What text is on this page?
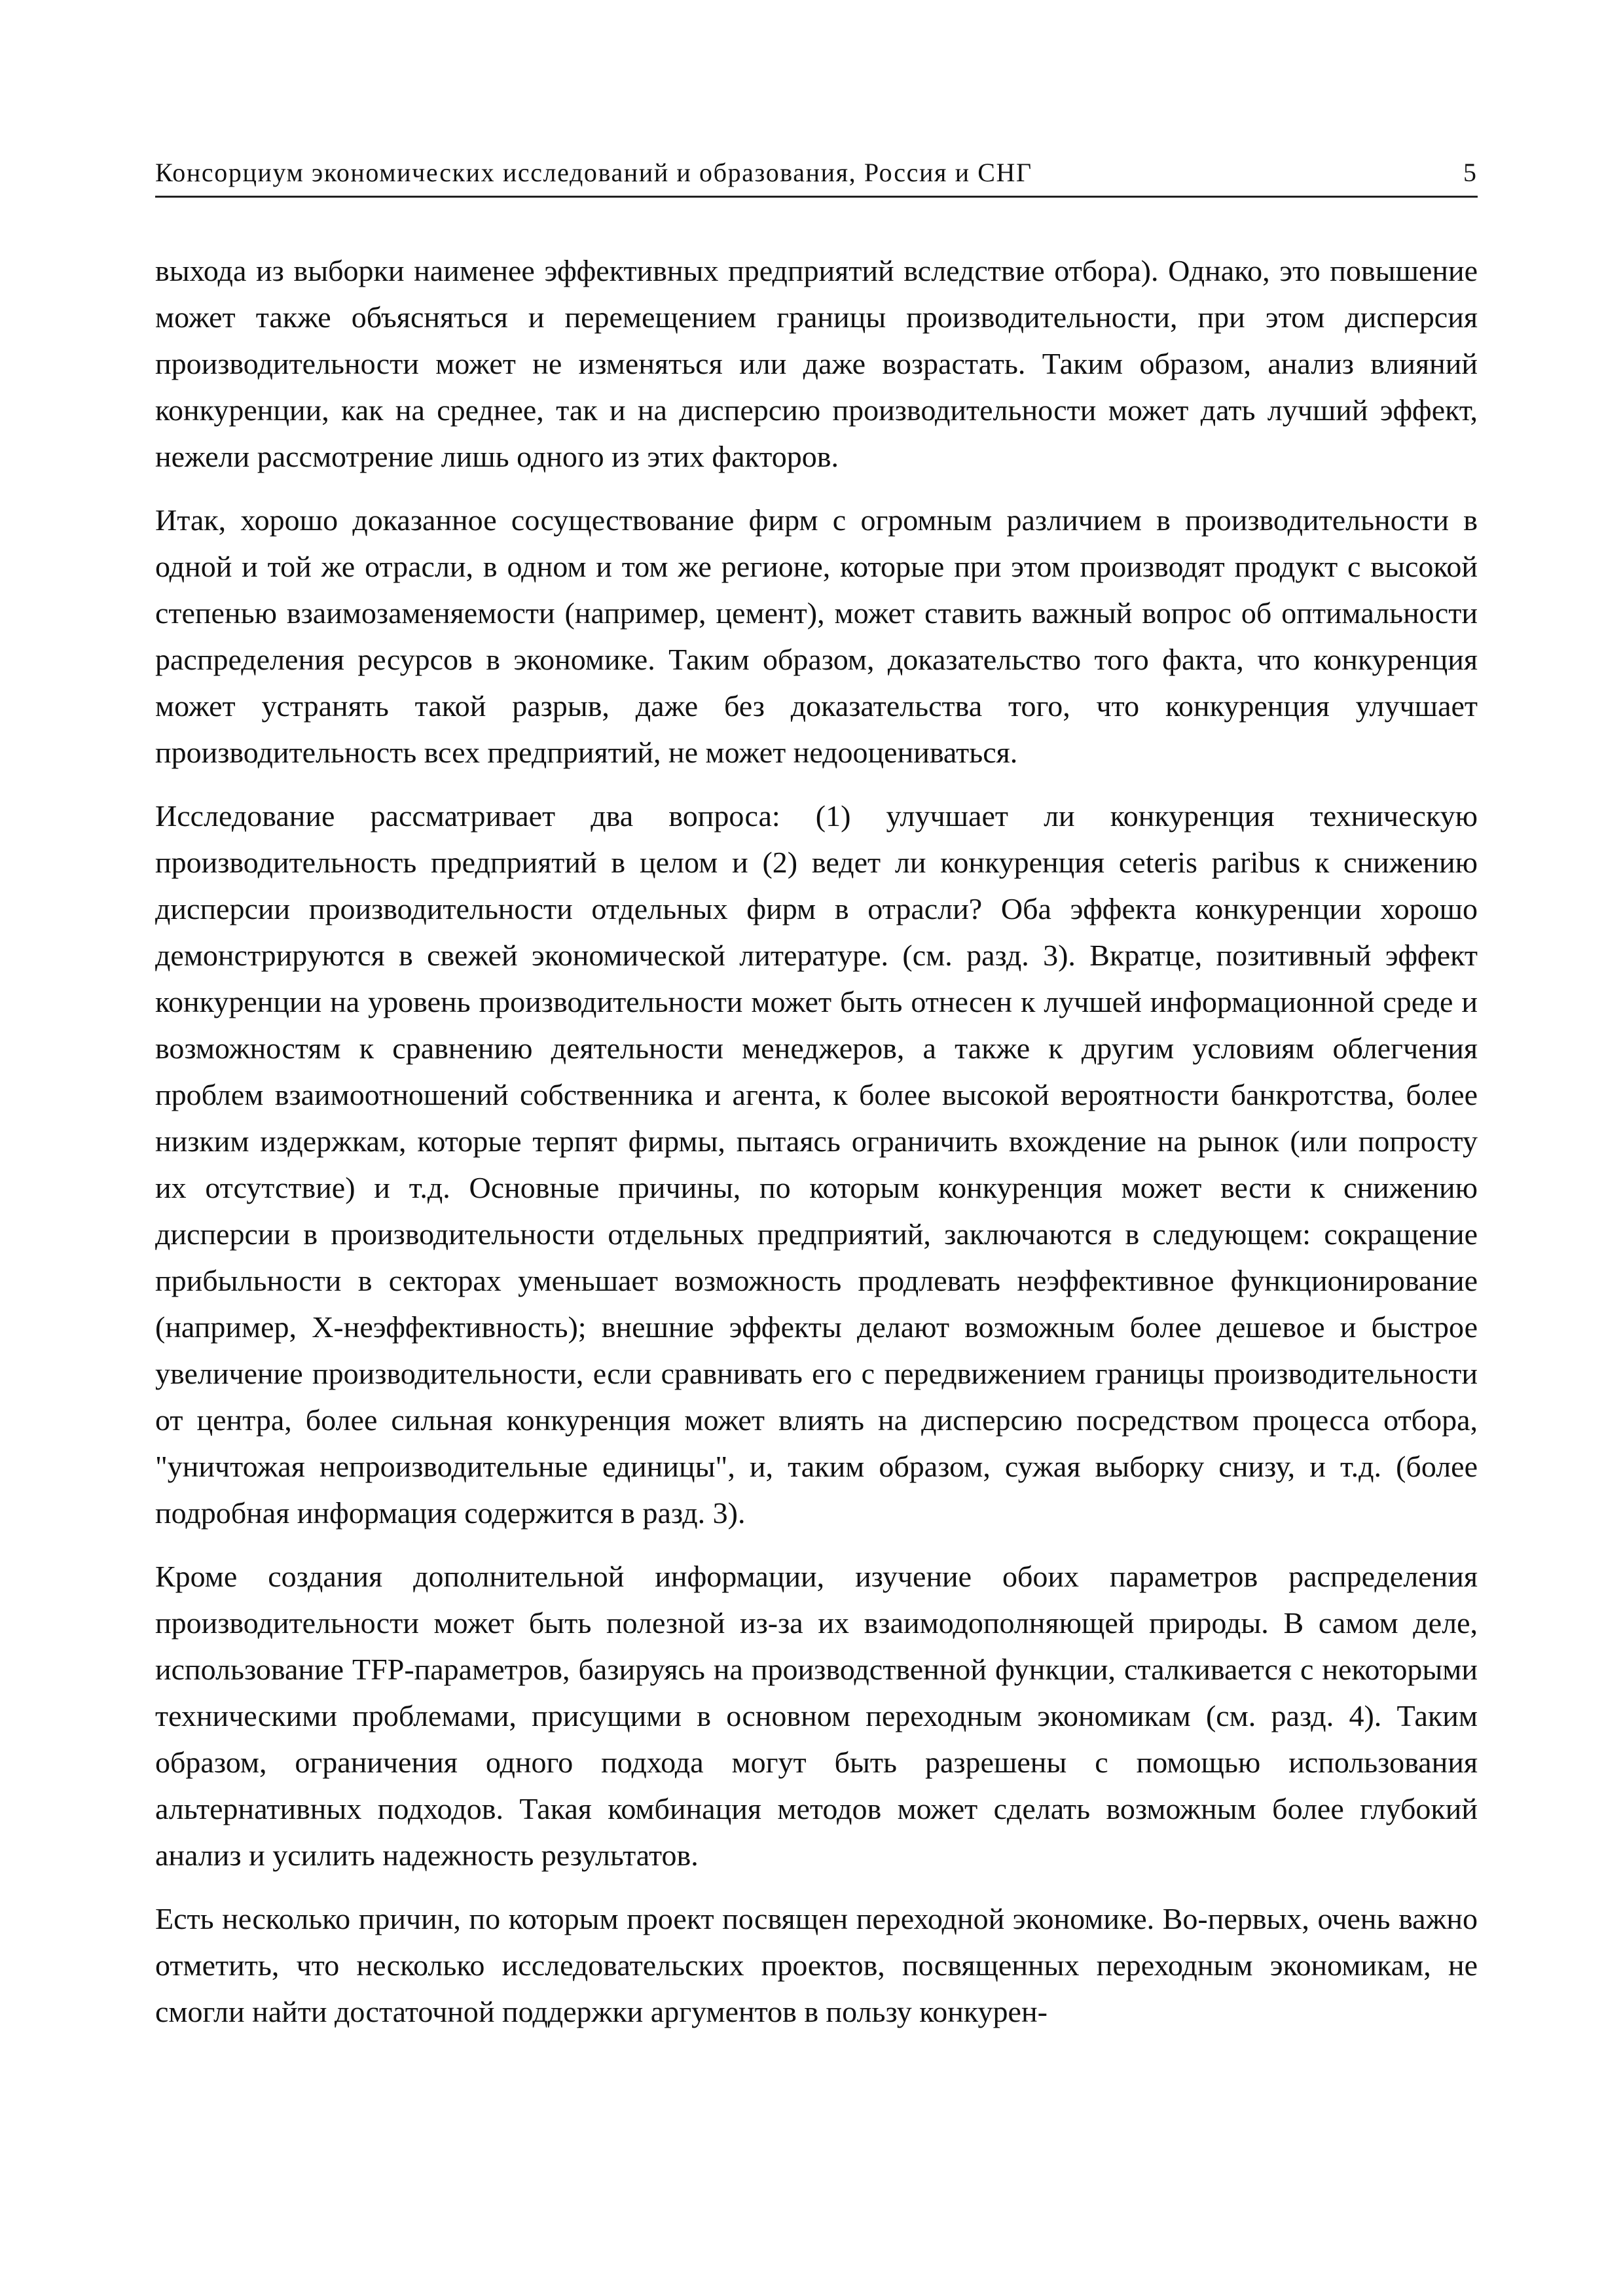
Консорциум экономических исследований и образования, Россия и СНГ	5

выхода из выборки наименее эффективных предприятий вследствие отбора). Однако, это повышение может также объясняться и перемещением границы производительности, при этом дисперсия производительности может не изменяться или даже возрастать. Таким образом, анализ влияний конкуренции, как на среднее, так и на дисперсию производительности может дать лучший эффект, нежели рассмотрение лишь одного из этих факторов.

Итак, хорошо доказанное сосуществование фирм с огромным различием в производительности в одной и той же отрасли, в одном и том же регионе, которые при этом производят продукт с высокой степенью взаимозаменяемости (например, цемент), может ставить важный вопрос об оптимальности распределения ресурсов в экономике. Таким образом, доказательство того факта, что конкуренция может устранять такой разрыв, даже без доказательства того, что конкуренция улучшает производительность всех предприятий, не может недооцениваться.

Исследование рассматривает два вопроса: (1) улучшает ли конкуренция техническую производительность предприятий в целом и (2) ведет ли конкуренция ceteris paribus к снижению дисперсии производительности отдельных фирм в отрасли? Оба эффекта конкуренции хорошо демонстрируются в свежей экономической литературе. (см. разд. 3). Вкратце, позитивный эффект конкуренции на уровень производительности может быть отнесен к лучшей информационной среде и возможностям к сравнению деятельности менеджеров, а также к другим условиям облегчения проблем взаимоотношений собственника и агента, к более высокой вероятности банкротства, более низким издержкам, которые терпят фирмы, пытаясь ограничить вхождение на рынок (или попросту их отсутствие) и т.д. Основные причины, по которым конкуренция может вести к снижению дисперсии в производительности отдельных предприятий, заключаются в следующем: сокращение прибыльности в секторах уменьшает возможность продлевать неэффективное функционирование (например, X-неэффективность); внешние эффекты делают возможным более дешевое и быстрое увеличение производительности, если сравнивать его с передвижением границы производительности от центра, более сильная конкуренция может влиять на дисперсию посредством процесса отбора, "уничтожая непроизводительные единицы", и, таким образом, сужая выборку снизу, и т.д. (более подробная информация содержится в разд. 3).

Кроме создания дополнительной информации, изучение обоих параметров распределения производительности может быть полезной из-за их взаимодополняющей природы. В самом деле, использование TFP-параметров, базируясь на производственной функции, сталкивается с некоторыми техническими проблемами, присущими в основном переходным экономикам (см. разд. 4). Таким образом, ограничения одного подхода могут быть разрешены с помощью использования альтернативных подходов. Такая комбинация методов может сделать возможным более глубокий анализ и усилить надежность результатов.

Есть несколько причин, по которым проект посвящен переходной экономике. Во-первых, очень важно отметить, что несколько исследовательских проектов, посвященных переходным экономикам, не смогли найти достаточной поддержки аргументов в пользу конкурен-
